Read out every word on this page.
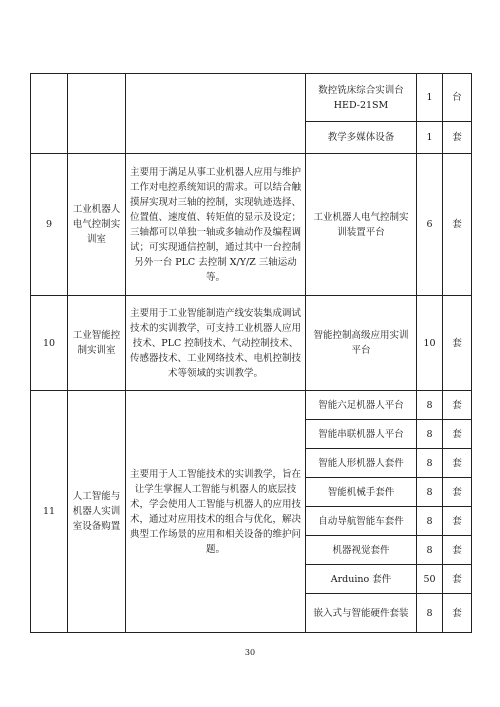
			数控铣床综合实训台 HED-21SM	1	台
			教学多媒体设备	1	套
9	工业机器人电气控制实训室	主要用于满足从事工业机器人应用与维护工作对电控系统知识的需求。可以结合触摸屏实现对三轴的控制，实现轨迹选择、位置值、速度值、转矩值的显示及设定；三轴都可以单独一轴或多轴动作及编程调试；可实现通信控制，通过其中一台控制另外一台 PLC 去控制 X/Y/Z 三轴运动等。	工业机器人电气控制实训装置平台	6	套
10	工业智能控制实训室	主要用于工业智能制造产线安装集成调试技术的实训教学，可支持工业机器人应用技术、PLC 控制技术、气动控制技术、传感器技术、工业网络技术、电机控制技术等领域的实训教学。	智能控制高级应用实训平台	10	套
11	人工智能与机器人实训室设备购置	主要用于人工智能技术的实训教学，旨在让学生掌握人工智能与机器人的底层技术，学会使用人工智能与机器人的应用技术，通过对应用技术的组合与优化，解决典型工作场景的应用和相关设备的维护问题。	智能六足机器人平台	8	套
			智能串联机器人平台	8	套
			智能人形机器人套件	8	套
			智能机械手套件	8	套
			自动导航智能车套件	8	套
			机器视觉套件	8	套
			Arduino 套件	50	套
			嵌入式与智能硬件套装	8	套
30
